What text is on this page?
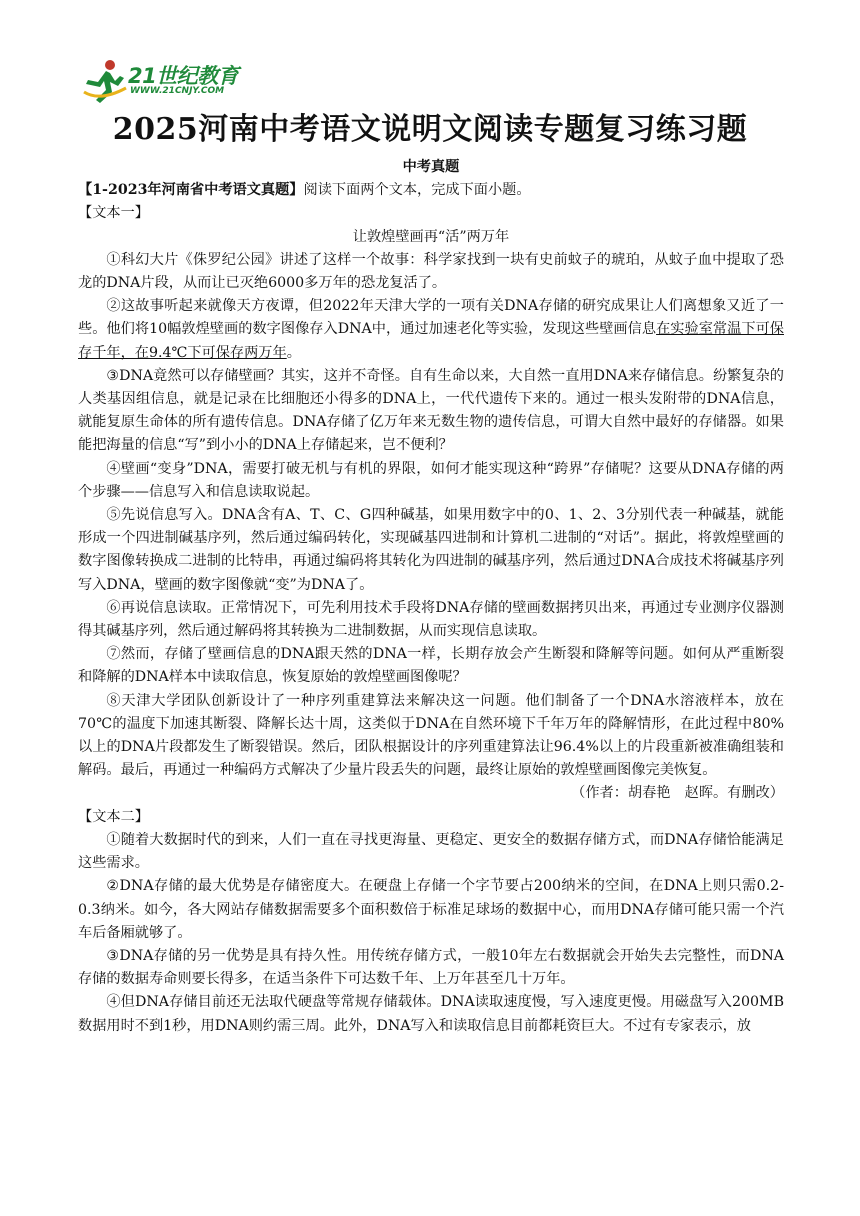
21世纪教育
WWW.21CNJY.COM
2025河南中考语文说明文阅读专题复习练习题

中考真题

【1-2023年河南省中考语文真题】阅读下面两个文本，完成下面小题。

【文本一】

让敦煌壁画再“活”两万年

①科幻大片《侏罗纪公园》讲述了这样一个故事：科学家找到一块有史前蚊子的琥珀，从蚊子血中提取了恐龙的DNA片段，从而让已灭绝6000多万年的恐龙复活了。

②这故事听起来就像天方夜谭，但2022年天津大学的一项有关DNA存储的研究成果让人们离想象又近了一些。他们将10幅敦煌壁画的数字图像存入DNA中，通过加速老化等实验，发现这些壁画信息在实验室常温下可保存千年，在9.4℃下可保存两万年。

③DNA竟然可以存储壁画？其实，这并不奇怪。自有生命以来，大自然一直用DNA来存储信息。纷繁复杂的人类基因组信息，就是记录在比细胞还小得多的DNA上，一代代遗传下来的。通过一根头发附带的DNA信息，就能复原生命体的所有遗传信息。DNA存储了亿万年来无数生物的遗传信息，可谓大自然中最好的存储器。如果能把海量的信息“写”到小小的DNA上存储起来，岂不便利？

④壁画“变身”DNA，需要打破无机与有机的界限，如何才能实现这种“跨界”存储呢？这要从DNA存储的两个步骤——信息写入和信息读取说起。

⑤先说信息写入。DNA含有A、T、C、G四种碱基，如果用数字中的0、1、2、3分别代表一种碱基，就能形成一个四进制碱基序列，然后通过编码转化，实现碱基四进制和计算机二进制的“对话”。据此，将敦煌壁画的数字图像转换成二进制的比特串，再通过编码将其转化为四进制的碱基序列，然后通过DNA合成技术将碱基序列写入DNA，壁画的数字图像就“变”为DNA了。

⑥再说信息读取。正常情况下，可先利用技术手段将DNA存储的壁画数据拷贝出来，再通过专业测序仪器测得其碱基序列，然后通过解码将其转换为二进制数据，从而实现信息读取。

⑦然而，存储了壁画信息的DNA跟天然的DNA一样，长期存放会产生断裂和降解等问题。如何从严重断裂和降解的DNA样本中读取信息，恢复原始的敦煌壁画图像呢？

⑧天津大学团队创新设计了一种序列重建算法来解决这一问题。他们制备了一个DNA水溶液样本，放在70℃的温度下加速其断裂、降解长达十周，这类似于DNA在自然环境下千年万年的降解情形，在此过程中80%以上的DNA片段都发生了断裂错误。然后，团队根据设计的序列重建算法让96.4%以上的片段重新被准确组装和解码。最后，再通过一种编码方式解决了少量片段丢失的问题，最终让原始的敦煌壁画图像完美恢复。

（作者：胡春艳　赵晖。有删改）

【文本二】

①随着大数据时代的到来，人们一直在寻找更海量、更稳定、更安全的数据存储方式，而DNA存储恰能满足这些需求。

②DNA存储的最大优势是存储密度大。在硬盘上存储一个字节要占200纳米的空间，在DNA上则只需0.2-0.3纳米。如今，各大网站存储数据需要多个面积数倍于标准足球场的数据中心，而用DNA存储可能只需一个汽车后备厢就够了。

③DNA存储的另一优势是具有持久性。用传统存储方式，一般10年左右数据就会开始失去完整性，而DNA存储的数据寿命则要长得多，在适当条件下可达数千年、上万年甚至几十万年。

④但DNA存储目前还无法取代硬盘等常规存储载体。DNA读取速度慢，写入速度更慢。用磁盘写入200MB数据用时不到1秒，用DNA则约需三周。此外，DNA写入和读取信息目前都耗资巨大。不过有专家表示，放
